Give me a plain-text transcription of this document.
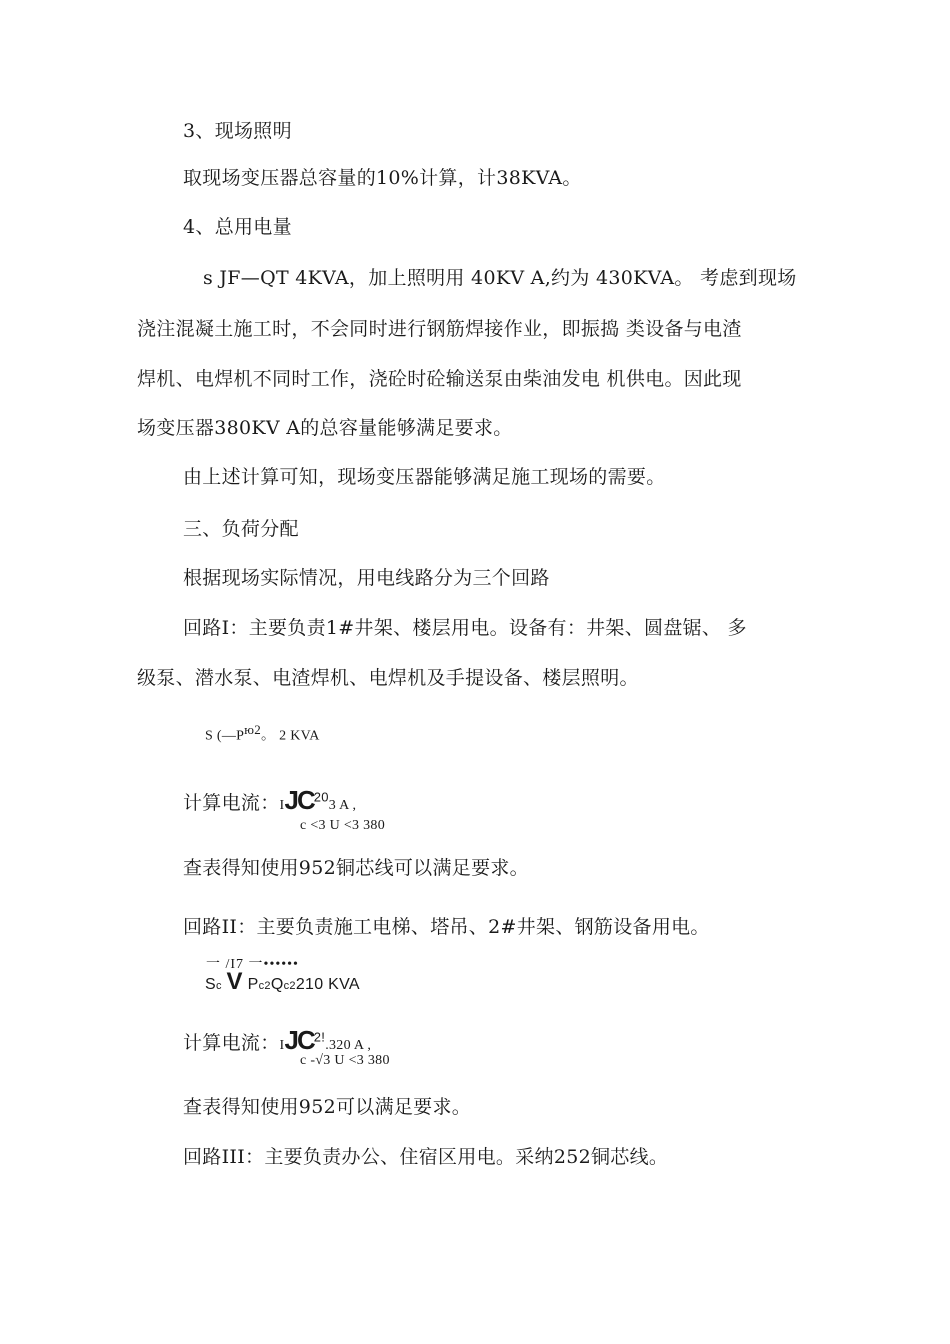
3、现场照明
取现场变压器总容量的10%计算，计38KVA。
4、总用电量
s JF—QT 4KVA，加上照明用 40KV A,约为 430KVA。 考虑到现场
浇注混凝土施工时，不会同时进行钢筋焊接作业，即振捣 类设备与电渣
焊机、电焊机不同时工作，浇砼时砼输送泵由柴油发电 机供电。因此现
场变压器380KV A的总容量能够满足要求。
由上述计算可知，现场变压器能够满足施工现场的需要。
三、负荷分配
根据现场实际情况，用电线路分为三个回路
回路I：主要负责1#井架、楼层用电。设备有：井架、圆盘锯、 多
级泵、潜水泵、电渣焊机、电焊机及手提设备、楼层照明。
S (—Pю2。 2 KVA
计算电流：IJC$^{20}$3 A ,
c <3 U <3 380
查表得知使用952铜芯线可以满足要求。
回路II：主要负责施工电梯、塔吊、2#井架、钢筋设备用电。
一 /I7 一••••••
Sc V Pc2Qc2210 KVA
计算电流：$IJC^{2!}.320$ A ,
c -√3 U <3 380
查表得知使用952可以满足要求。
回路III：主要负责办公、住宿区用电。采纳252铜芯线。
